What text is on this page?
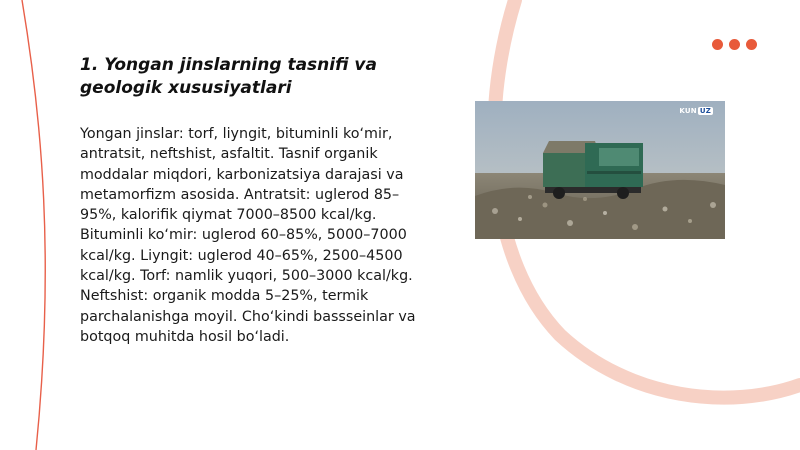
1. Yongan jinslarning tasnifi va geologik xususiyatlari

Yongan jinslar: torf, liyngit, bituminli ko‘mir, antratsit, neftshist, asfaltit. Tasnif organik moddalar miqdori, karbonizatsiya darajasi va metamorfizm asosida. Antratsit: uglerod 85–95%, kalorifik qiymat 7000–8500 kcal/kg. Bituminli ko‘mir: uglerod 60–85%, 5000–7000 kcal/kg. Liyngit: uglerod 40–65%, 2500–4500 kcal/kg. Torf: namlik yuqori, 500–3000 kcal/kg. Neftshist: organik modda 5–25%, termik parchalanishga moyil. Cho‘kindi bassseinlar va botqoq muhitda hosil bo‘ladi.

KUN UZ
